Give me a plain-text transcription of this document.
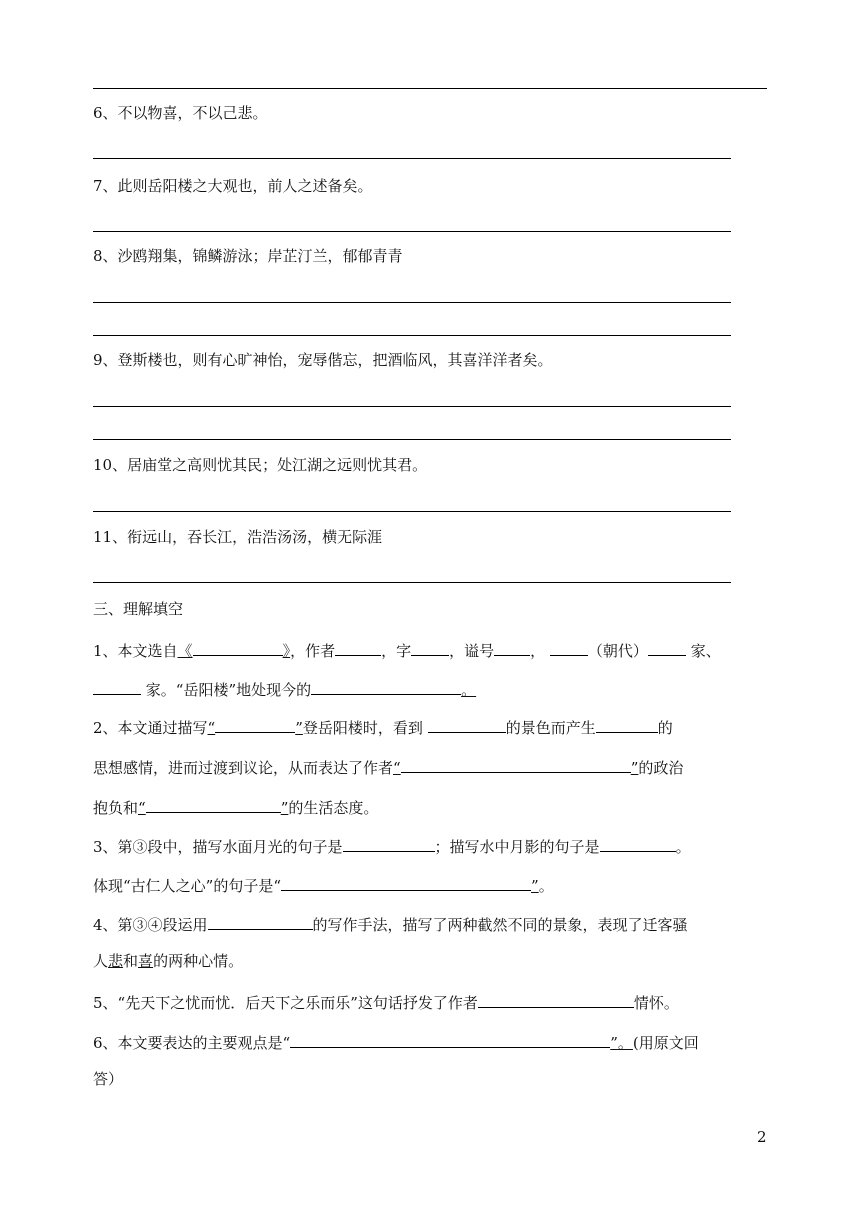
6、不以物喜，不以己悲。
7、此则岳阳楼之大观也，前人之述备矣。
8、沙鸥翔集，锦鳞游泳；岸芷汀兰，郁郁青青
9、登斯楼也，则有心旷神怡，宠辱偕忘，把酒临风，其喜洋洋者矣。
10、居庙堂之高则忧其民；处江湖之远则忧其君。
11、衔远山，吞长江，浩浩汤汤，横无际涯
三、理解填空
1、本文选自《	》，作者	，字	，谥号 ，	（朝代）	家、
家。“岳阳楼”地处现今的	。
2、本文通过描写“	”登岳阳楼时，看到	的景色而产生	的
思想感情，进而过渡到议论，从而表达了作者“	”的政治
抱负和“	”的生活态度。
3、第③段中，描写水面月光的句子是	；描写水中月影的句子是	。
体现“古仁人之心”的句子是“	”。
4、第③④段运用	的写作手法，描写了两种截然不同的景象，表现了迁客骚
人悲和喜的两种心情。
5、“先天下之忧而忧．后天下之乐而乐”这句话抒发了作者	情怀。
6、本文要表达的主要观点是“	”。(用原文回
答）
2
